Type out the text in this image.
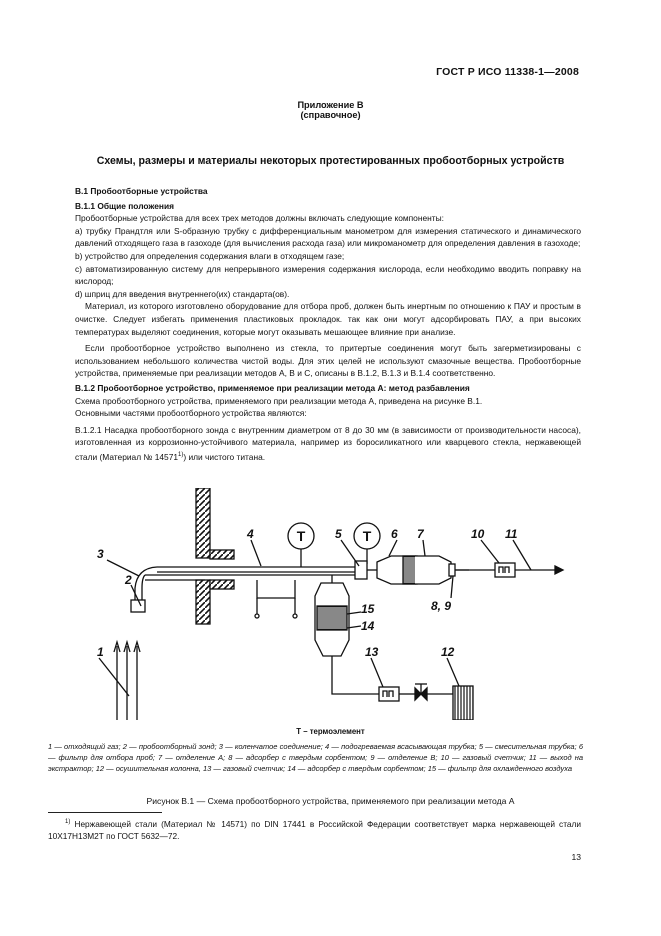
ГОСТ Р ИСО 11338-1—2008
Приложение В
(справочное)
Схемы, размеры и материалы некоторых протестированных пробоотборных устройств

В.1 Пробоотборные устройства

В.1.1 Общие положения

Пробоотборные устройства для всех трех методов должны включать следующие компоненты:

а) трубку Прандтля или S-образную трубку с дифференциальным манометром для измерения статического и динамического давлений отходящего газа в газоходе (для вычисления расхода газа) или микроманометр для определения давления в газоходе;

b) устройство для определения содержания влаги в отходящем газе;

с) автоматизированную систему для непрерывного измерения содержания кислорода, если необходимо вводить поправку на кислород;

d) шприц для введения внутреннего(их) стандарта(ов).

Материал, из которого изготовлено оборудование для отбора проб, должен быть инертным по отношению к ПАУ и простым в очистке. Следует избегать применения пластиковых прокладок. так как они могут адсорбировать ПАУ, а при высоких температурах выделяют соединения, которые могут оказывать мешающее влияние при анализе.

Если пробоотборное устройство выполнено из стекла, то притертые соединения могут быть загерметизированы с использованием небольшого количества чистой воды. Для этих целей не используют смазочные вещества. Пробоотборные устройства, применяемые при реализации методов А, В и С, описаны в В.1.2, В.1.3 и В.1.4 соответственно.

В.1.2 Пробоотборное устройство, применяемое при реализации метода А: метод разбавления

Схема пробоотборного устройства, применяемого при реализации метода А, приведена на рисунке В.1.

Основными частями пробоотборного устройства являются:

В.1.2.1 Насадка пробоотборного зонда с внутренним диаметром от 8 до 30 мм (в зависимости от производительности насоса), изготовленная из коррозионно-устойчивого материала, например из боросиликатного или кварцевого стекла, нержавеющей стали (Материал № 14571$^{1)}$) или чистого титана.

T	T
1
2
3
4	5	6 7
8, 9
10 11
12
13
14
15
Т – термоэлемент
1 — отходящий газ; 2 — пробоотборный зонд; 3 — коленчатое соединение; 4 — подогреваемая всасывающая трубка; 5 — смесительная трубка; 6 — фильтр для отбора проб; 7 — отделение А; 8 — адсорбер с твердым сорбентом; 9 — отделение В; 10 — газовый счетчик; 11 — выход на экстрактор; 12 — осушительная колонна, 13 — газовый счетчик; 14 — адсорбер с твердым сорбентом; 15 — фильтр для охлажденного воздуха
Рисунок В.1 — Схема пробоотборного устройства, применяемого при реализации метода А
$^{1)}$ Нержавеющей стали (Материал № 14571) по DIN 17441 в Российской Федерации соответствует марка нержавеющей стали 10Х17Н13М2Т по ГОСТ 5632—72.
13
